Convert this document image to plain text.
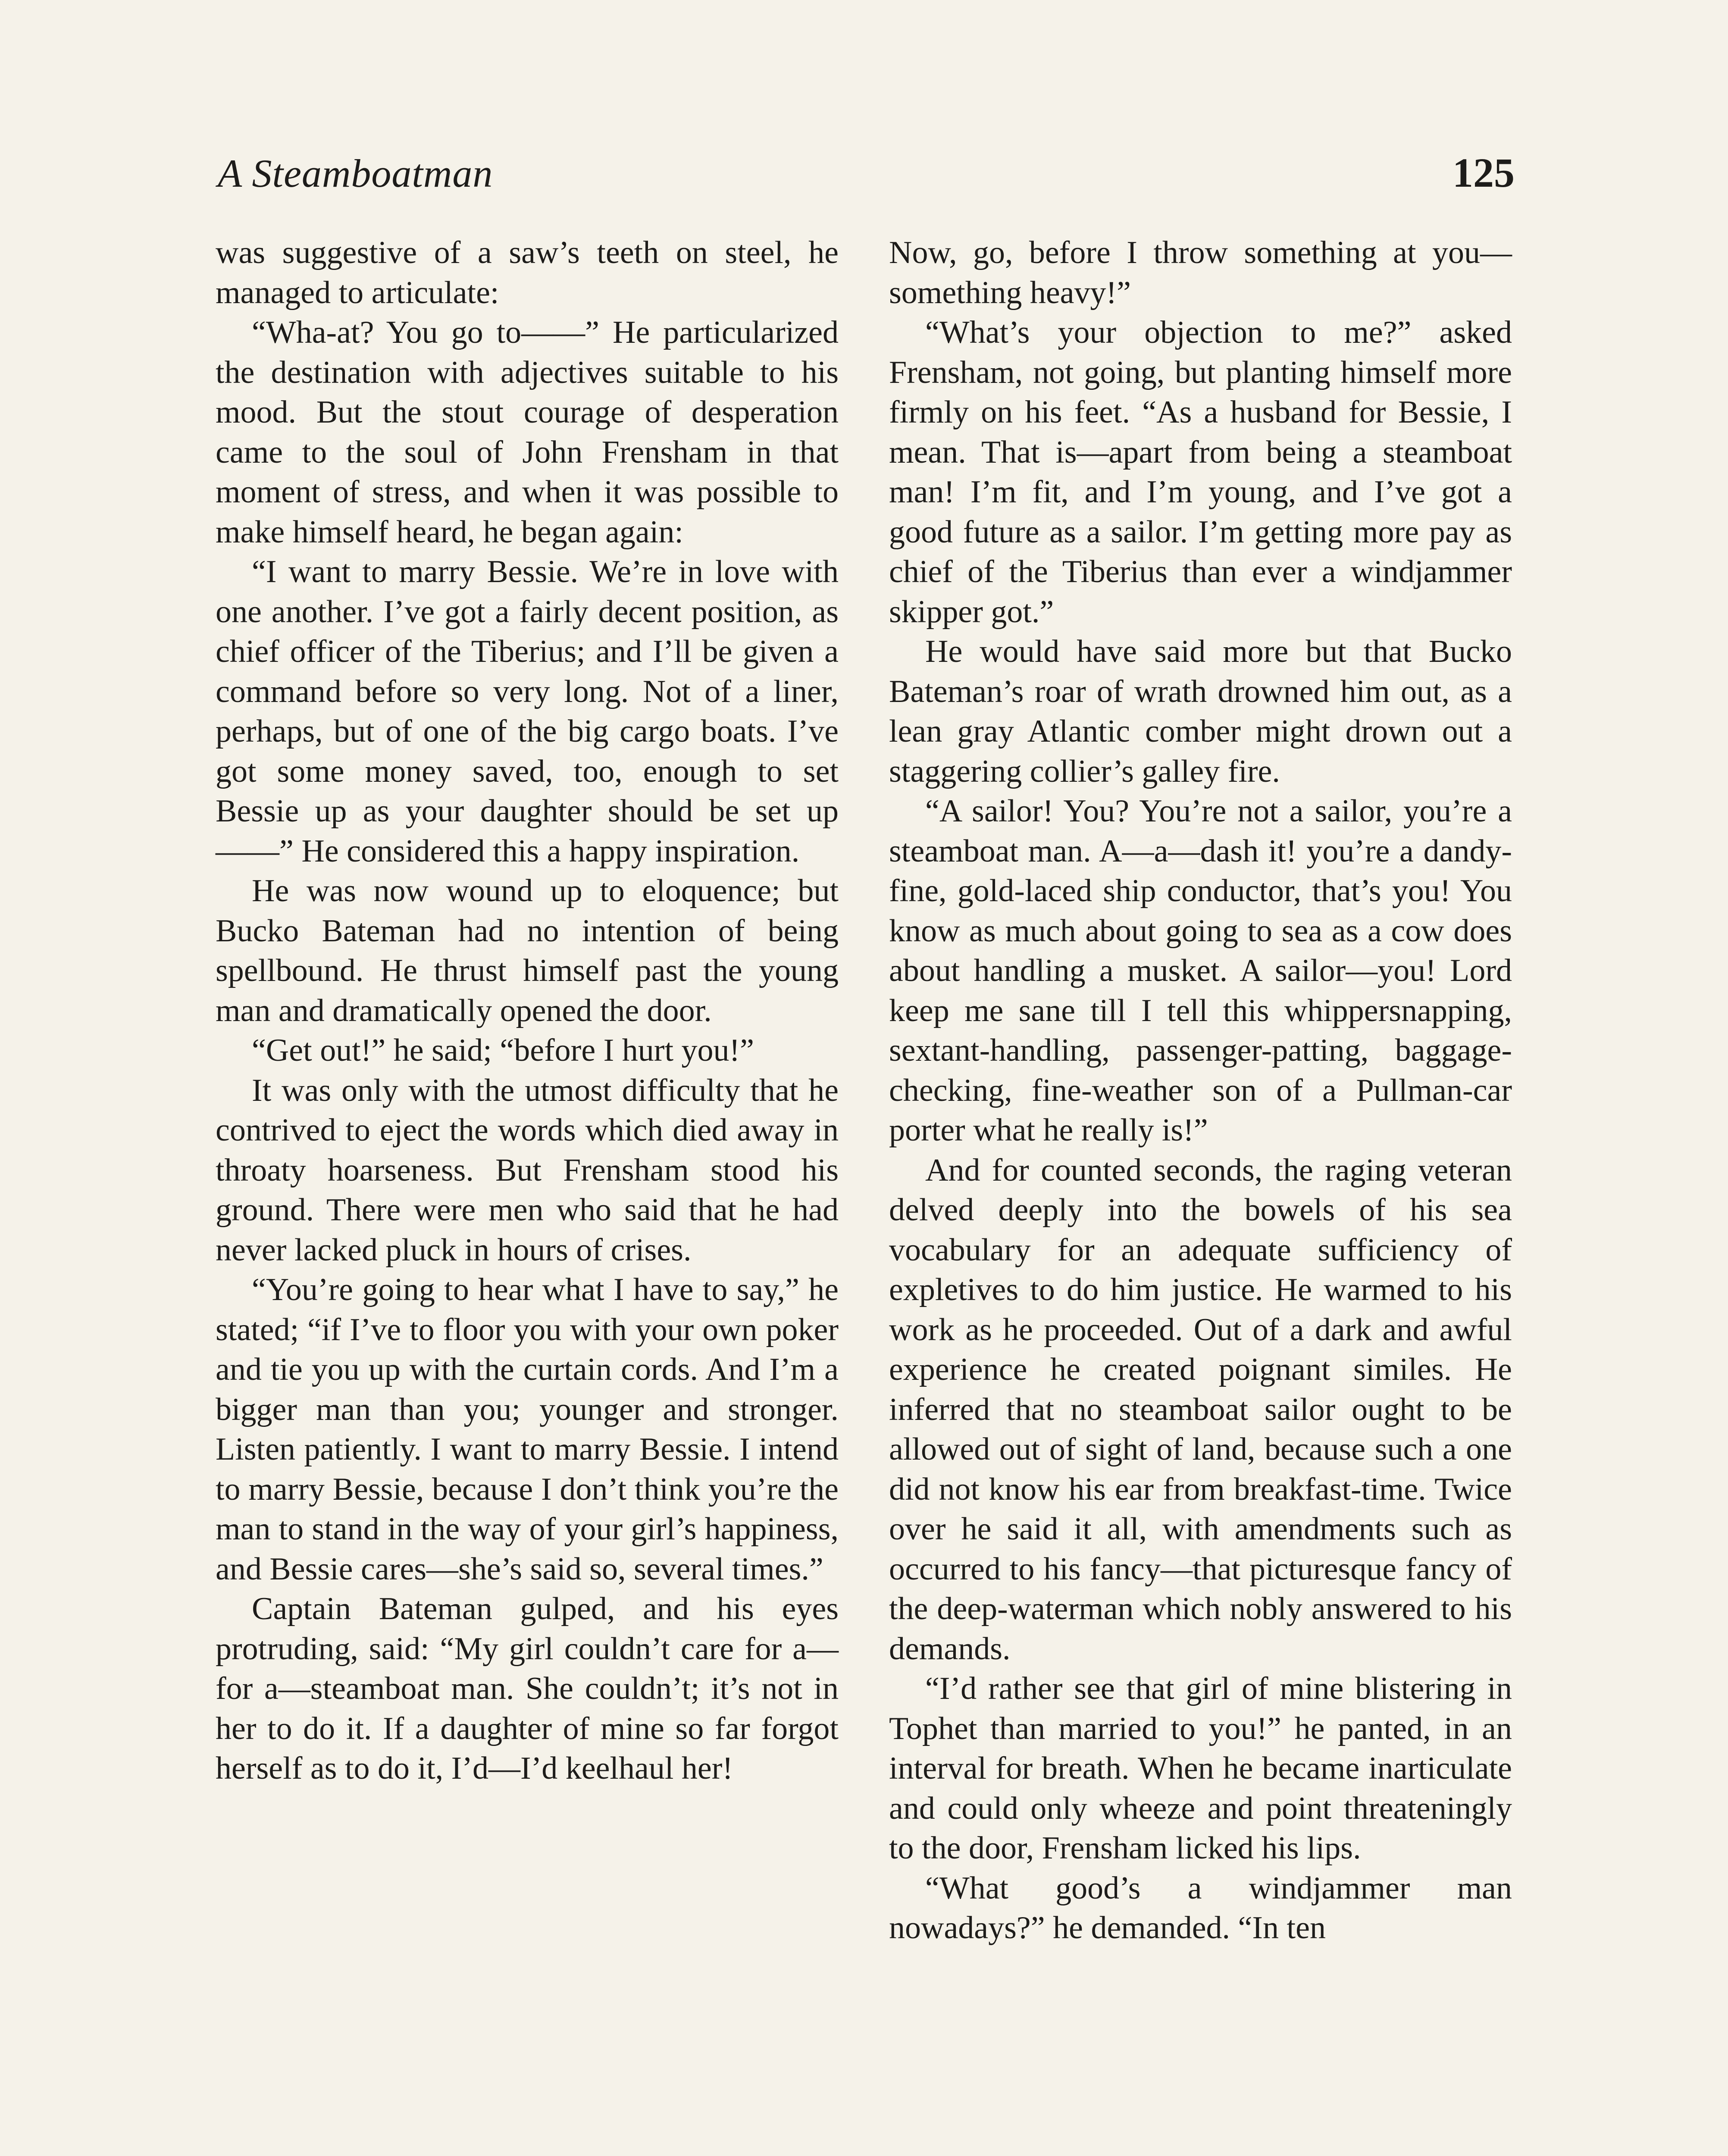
A Steamboatman	125

was suggestive of a saw’s teeth on steel, he managed to articulate:

“Wha-at? You go to——” He particularized the destination with adjectives suitable to his mood. But the stout courage of desperation came to the soul of John Frensham in that moment of stress, and when it was possible to make himself heard, he began again:

“I want to marry Bessie. We’re in love with one another. I’ve got a fairly decent position, as chief officer of the Tiberius; and I’ll be given a command before so very long. Not of a liner, perhaps, but of one of the big cargo boats. I’ve got some money saved, too, enough to set Bessie up as your daughter should be set up——” He considered this a happy inspiration.

He was now wound up to eloquence; but Bucko Bateman had no intention of being spellbound. He thrust himself past the young man and dramatically opened the door.

“Get out!” he said; “before I hurt you!”

It was only with the utmost difficulty that he contrived to eject the words which died away in throaty hoarseness. But Frensham stood his ground. There were men who said that he had never lacked pluck in hours of crises.

“You’re going to hear what I have to say,” he stated; “if I’ve to floor you with your own poker and tie you up with the curtain cords. And I’m a bigger man than you; younger and stronger. Listen patiently. I want to marry Bessie. I intend to marry Bessie, because I don’t think you’re the man to stand in the way of your girl’s happiness, and Bessie cares—she’s said so, several times.”

Captain Bateman gulped, and his eyes protruding, said: “My girl couldn’t care for a—for a—steamboat man. She couldn’t; it’s not in her to do it. If a daughter of mine so far forgot herself as to do it, I’d—I’d keelhaul her!

Now, go, before I throw something at you—something heavy!”

“What’s your objection to me?” asked Frensham, not going, but planting himself more firmly on his feet. “As a husband for Bessie, I mean. That is—apart from being a steamboat man! I’m fit, and I’m young, and I’ve got a good future as a sailor. I’m getting more pay as chief of the Tiberius than ever a windjammer skipper got.”

He would have said more but that Bucko Bateman’s roar of wrath drowned him out, as a lean gray Atlantic comber might drown out a staggering collier’s galley fire.

“A sailor! You? You’re not a sailor, you’re a steamboat man. A—a—dash it! you’re a dandy-fine, gold-laced ship conductor, that’s you! You know as much about going to sea as a cow does about handling a musket. A sailor—you! Lord keep me sane till I tell this whippersnapping, sextant-handling, passenger-patting, baggage-checking, fine-weather son of a Pullman-car porter what he really is!”

And for counted seconds, the raging veteran delved deeply into the bowels of his sea vocabulary for an adequate sufficiency of expletives to do him justice. He warmed to his work as he proceeded. Out of a dark and awful experience he created poignant similes. He inferred that no steamboat sailor ought to be allowed out of sight of land, because such a one did not know his ear from breakfast-time. Twice over he said it all, with amendments such as occurred to his fancy—that picturesque fancy of the deep-waterman which nobly answered to his demands.

“I’d rather see that girl of mine blistering in Tophet than married to you!” he panted, in an interval for breath. When he became inarticulate and could only wheeze and point threateningly to the door, Frensham licked his lips.

“What good’s a windjammer man nowadays?” he demanded. “In ten
